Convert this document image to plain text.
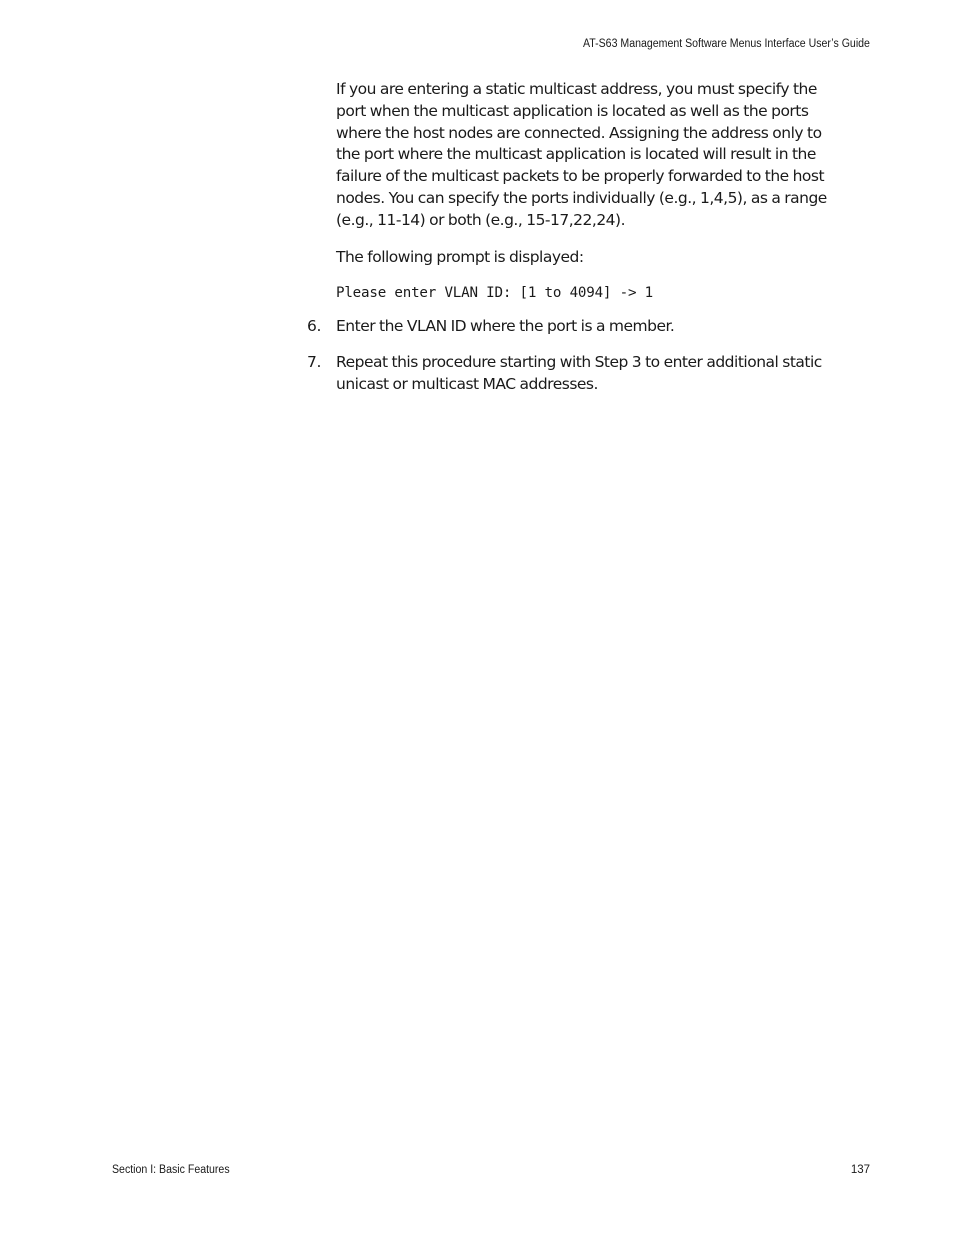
AT-S63 Management Software Menus Interface User’s Guide

If you are entering a static multicast address, you must specify the port when the multicast application is located as well as the ports where the host nodes are connected. Assigning the address only to the port where the multicast application is located will result in the failure of the multicast packets to be properly forwarded to the host nodes. You can specify the ports individually (e.g., 1,4,5), as a range (e.g., 11-14) or both (e.g., 15-17,22,24).

The following prompt is displayed:

Please enter VLAN ID: [1 to 4094] -> 1
6. Enter the VLAN ID where the port is a member.
7. Repeat this procedure starting with Step 3 to enter additional static unicast or multicast MAC addresses.
Section I: Basic Features	137
